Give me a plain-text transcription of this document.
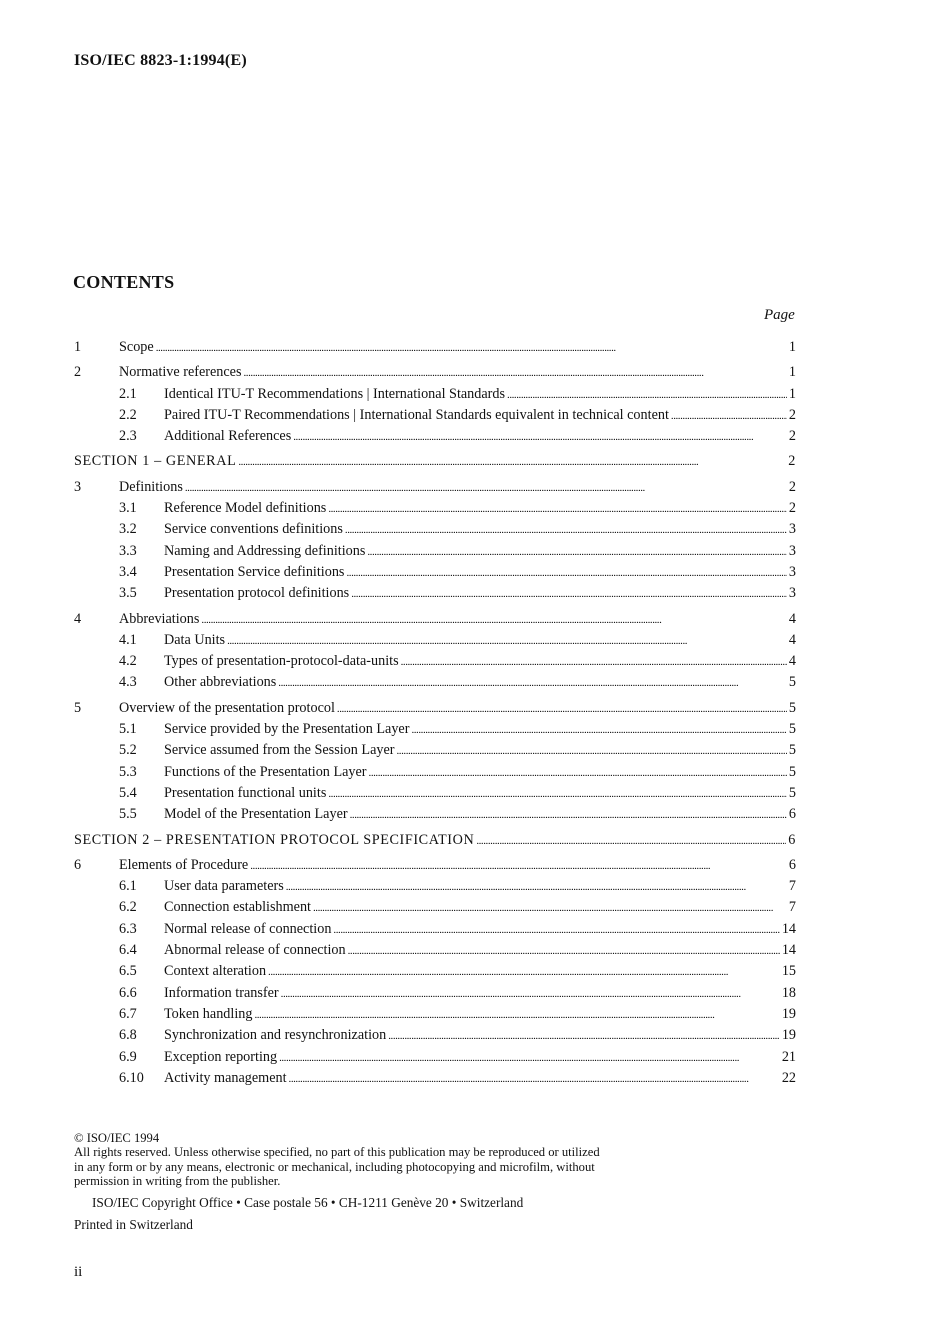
ISO/IEC 8823-1:1994(E)
CONTENTS
Page
1	Scope . . .	1
2	Normative references . . .	1
2.1	Identical ITU-T Recommendations | International Standards . . .	1
2.2	Paired ITU-T Recommendations | International Standards equivalent in technical content . . .	2
2.3	Additional References . . .	2
SECTION 1 – GENERAL . . .	2
3	Definitions . . .	2
3.1	Reference Model definitions . . .	2
3.2	Service conventions definitions . . .	3
3.3	Naming and Addressing definitions . . .	3
3.4	Presentation Service definitions . . .	3
3.5	Presentation protocol definitions . . .	3
4	Abbreviations . . .	4
4.1	Data Units . . .	4
4.2	Types of presentation-protocol-data-units . . .	4
4.3	Other abbreviations . . .	5
5	Overview of the presentation protocol . . .	5
5.1	Service provided by the Presentation Layer . . .	5
5.2	Service assumed from the Session Layer . . .	5
5.3	Functions of the Presentation Layer . . .	5
5.4	Presentation functional units . . .	5
5.5	Model of the Presentation Layer . . .	6
SECTION 2 – PRESENTATION PROTOCOL SPECIFICATION . . .	6
6	Elements of Procedure . . .	6
6.1	User data parameters . . .	7
6.2	Connection establishment . . .	7
6.3	Normal release of connection . . .	14
6.4	Abnormal release of connection . . .	14
6.5	Context alteration . . .	15
6.6	Information transfer . . .	18
6.7	Token handling . . .	19
6.8	Synchronization and resynchronization . . .	19
6.9	Exception reporting . . .	21
6.10	Activity management . . .	22
© ISO/IEC 1994
All rights reserved. Unless otherwise specified, no part of this publication may be reproduced or utilized in any form or by any means, electronic or mechanical, including photocopying and microfilm, without permission in writing from the publisher.
ISO/IEC Copyright Office • Case postale 56 • CH-1211 Genève 20 • Switzerland
Printed in Switzerland
ii
